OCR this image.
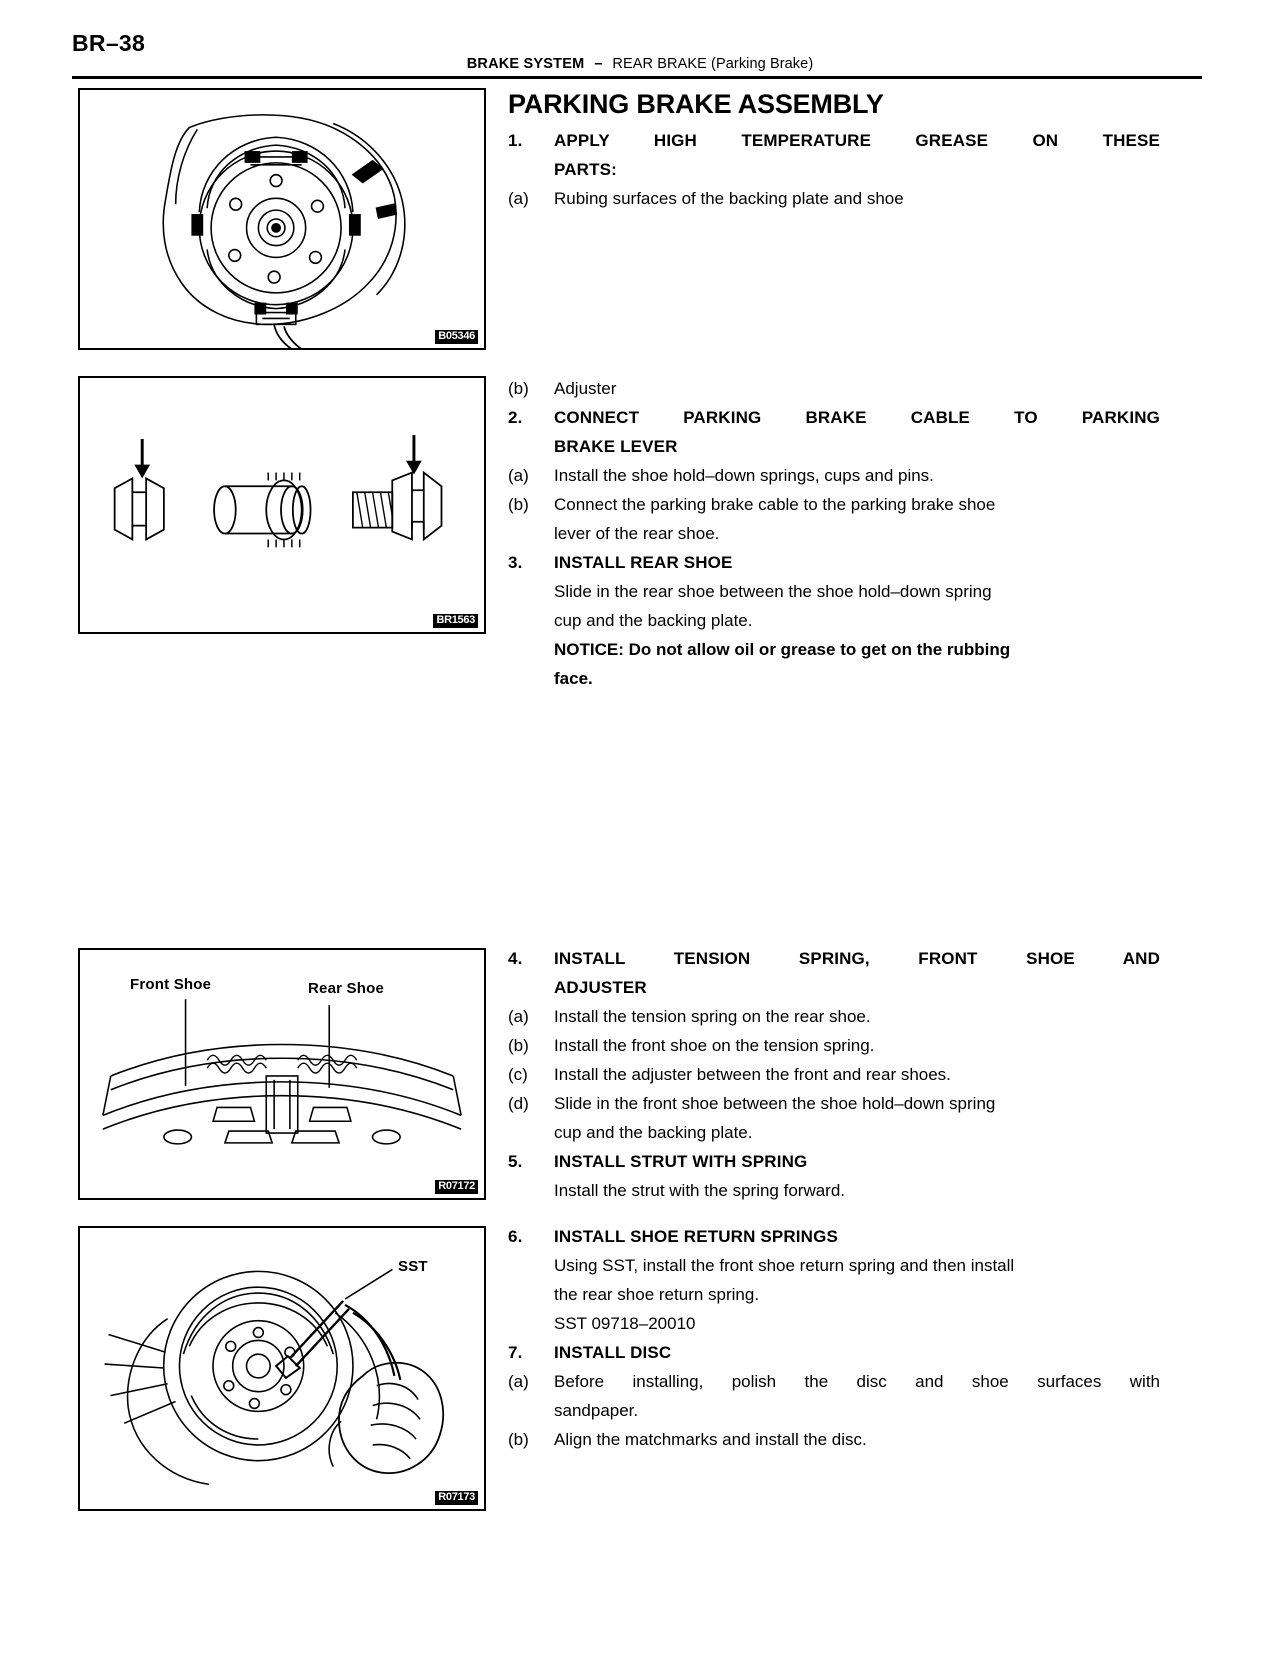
BR–38
BRAKE SYSTEM – REAR BRAKE (Parking Brake)
B05346
BR1563
Front Shoe	Rear Shoe
R07172
SST
R07173
PARKING BRAKE ASSEMBLY
1.	APPLY HIGH TEMPERATURE GREASE ON THESE
PARTS:
(a)	Rubing surfaces of the backing plate and shoe
(b)	Adjuster
2.	CONNECT PARKING BRAKE CABLE TO PARKING
BRAKE LEVER
(a)	Install the shoe hold–down springs, cups and pins.
(b)	Connect the parking brake cable to the parking brake shoe
lever of the rear shoe.
3.	INSTALL REAR SHOE
Slide in the rear shoe between the shoe hold–down spring
cup and the backing plate.
NOTICE: Do not allow oil or grease to get on the rubbing
face.
4.	INSTALL TENSION SPRING, FRONT SHOE AND
ADJUSTER
(a)	Install the tension spring on the rear shoe.
(b)	Install the front shoe on the tension spring.
(c)	Install the adjuster between the front and rear shoes.
(d)	Slide in the front shoe between the shoe hold–down spring
cup and the backing plate.
5.	INSTALL STRUT WITH SPRING
Install the strut with the spring forward.
6.	INSTALL SHOE RETURN SPRINGS
Using SST, install the front shoe return spring and then install
the rear shoe return spring.
SST 09718–20010
7.	INSTALL DISC
(a)	Before installing, polish the disc and shoe surfaces with
sandpaper.
(b)	Align the matchmarks and install the disc.
